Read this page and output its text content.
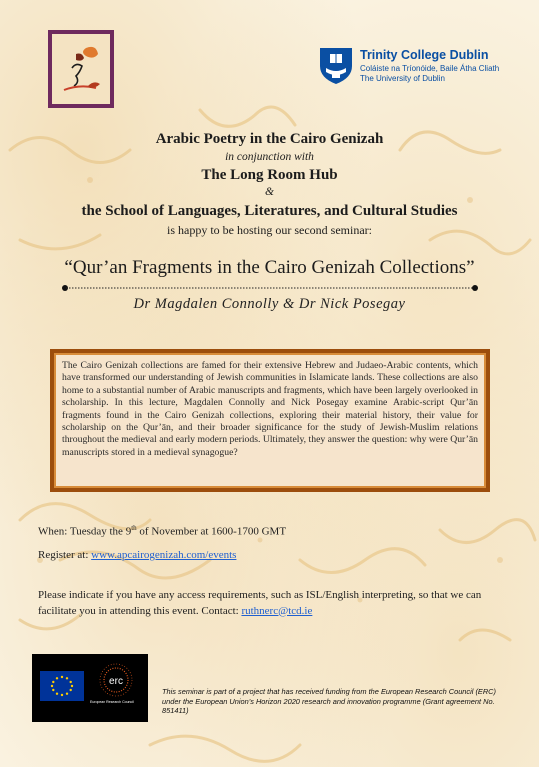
Trinity College Dublin
Coláiste na Tríonóide, Baile Átha Cliath
The University of Dublin
Arabic Poetry in the Cairo Genizah
in conjunction with
The Long Room Hub
&
the School of Languages, Literatures, and Cultural Studies
is happy to be hosting our second seminar:
“Qur’an Fragments in the Cairo Genizah Collections”
Dr Magdalen Connolly & Dr Nick Posegay
The Cairo Genizah collections are famed for their extensive Hebrew and Judaeo-Arabic contents, which have transformed our understanding of Jewish communities in Islamicate lands. These collections are also home to a substantial number of Arabic manuscripts and fragments, which have been largely overlooked in scholarship. In this lecture, Magdalen Connolly and Nick Posegay examine Arabic-script Qur’ān fragments found in the Cairo Genizah collections, exploring their material history, their value for scholarship on the Qur’ān, and their broader significance for the study of Jewish-Muslim relations throughout the medieval and early modern periods. Ultimately, they answer the question: why were Qur’ān manuscripts stored in a medieval synagogue?
When: Tuesday the 9th of November at 1600-1700 GMT
Register at: www.apcairogenizah.com/events
Please indicate if you have any access requirements, such as ISL/English interpreting, so that we can facilitate you in attending this event. Contact: ruthnerc@tcd.ie
erc
European Research Council
This seminar is part of a project that has received funding from the European Research Council (ERC) under the European Union’s Horizon 2020 research and innovation programme (Grant agreement No. 851411)
